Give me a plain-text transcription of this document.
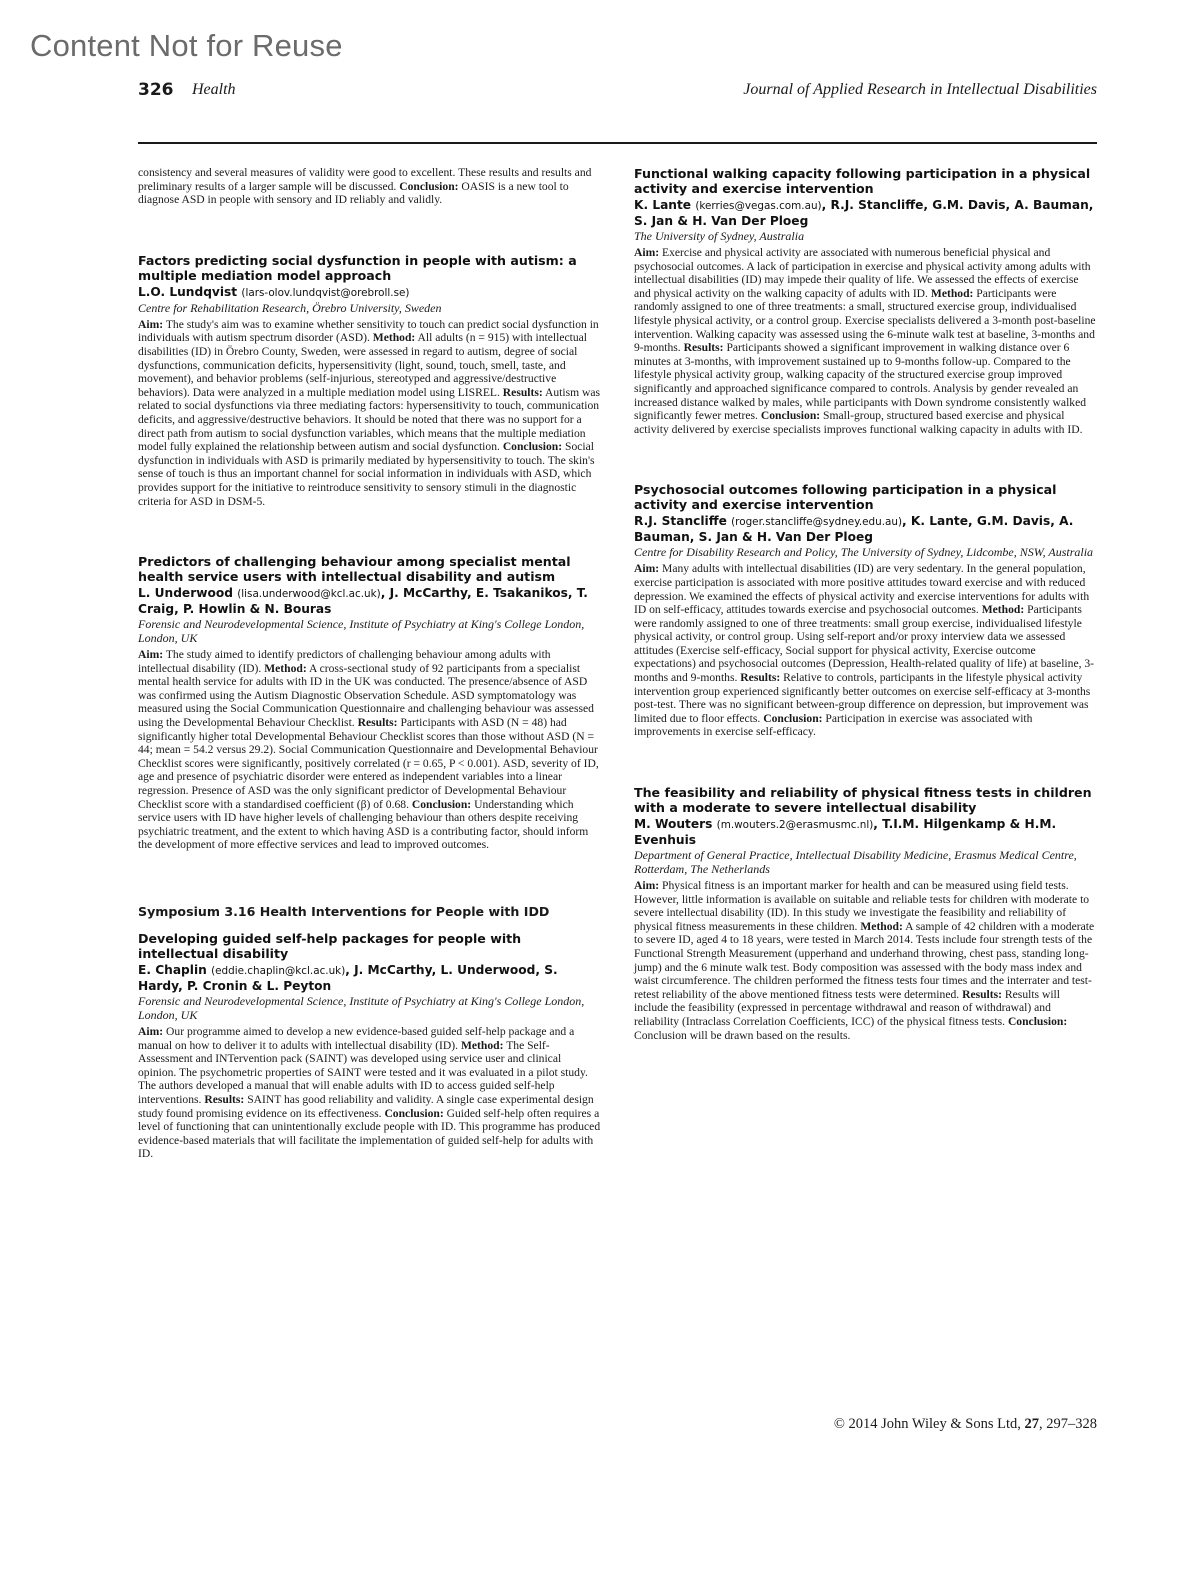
Content Not for Reuse
326 Health	Journal of Applied Research in Intellectual Disabilities

consistency and several measures of validity were good to excellent. These results and results and preliminary results of a larger sample will be discussed. Conclusion: OASIS is a new tool to diagnose ASD in people with sensory and ID reliably and validly.

Factors predicting social dysfunction in people with autism: a multiple mediation model approach

L.O. Lundqvist (lars-olov.lundqvist@orebroll.se)

Centre for Rehabilitation Research, Örebro University, Sweden

Aim: The study's aim was to examine whether sensitivity to touch can predict social dysfunction in individuals with autism spectrum disorder (ASD). Method: All adults (n = 915) with intellectual disabilities (ID) in Örebro County, Sweden, were assessed in regard to autism, degree of social dysfunctions, communication deficits, hypersensitivity (light, sound, touch, smell, taste, and movement), and behavior problems (self-injurious, stereotyped and aggressive/destructive behaviors). Data were analyzed in a multiple mediation model using LISREL. Results: Autism was related to social dysfunctions via three mediating factors: hypersensitivity to touch, communication deficits, and aggressive/destructive behaviors. It should be noted that there was no support for a direct path from autism to social dysfunction variables, which means that the multiple mediation model fully explained the relationship between autism and social dysfunction. Conclusion: Social dysfunction in individuals with ASD is primarily mediated by hypersensitivity to touch. The skin's sense of touch is thus an important channel for social information in individuals with ASD, which provides support for the initiative to reintroduce sensitivity to sensory stimuli in the diagnostic criteria for ASD in DSM-5.

Predictors of challenging behaviour among specialist mental health service users with intellectual disability and autism

L. Underwood (lisa.underwood@kcl.ac.uk), J. McCarthy, E. Tsakanikos, T. Craig, P. Howlin & N. Bouras

Forensic and Neurodevelopmental Science, Institute of Psychiatry at King's College London, London, UK

Aim: The study aimed to identify predictors of challenging behaviour among adults with intellectual disability (ID). Method: A cross-sectional study of 92 participants from a specialist mental health service for adults with ID in the UK was conducted. The presence/absence of ASD was confirmed using the Autism Diagnostic Observation Schedule. ASD symptomatology was measured using the Social Communication Questionnaire and challenging behaviour was assessed using the Developmental Behaviour Checklist. Results: Participants with ASD (N = 48) had significantly higher total Developmental Behaviour Checklist scores than those without ASD (N = 44; mean = 54.2 versus 29.2). Social Communication Questionnaire and Developmental Behaviour Checklist scores were significantly, positively correlated (r = 0.65, P < 0.001). ASD, severity of ID, age and presence of psychiatric disorder were entered as independent variables into a linear regression. Presence of ASD was the only significant predictor of Developmental Behaviour Checklist score with a standardised coefficient (β) of 0.68. Conclusion: Understanding which service users with ID have higher levels of challenging behaviour than others despite receiving psychiatric treatment, and the extent to which having ASD is a contributing factor, should inform the development of more effective services and lead to improved outcomes.

Symposium 3.16 Health Interventions for People with IDD
Developing guided self-help packages for people with intellectual disability

E. Chaplin (eddie.chaplin@kcl.ac.uk), J. McCarthy, L. Underwood, S. Hardy, P. Cronin & L. Peyton

Forensic and Neurodevelopmental Science, Institute of Psychiatry at King's College London, London, UK

Aim: Our programme aimed to develop a new evidence-based guided self-help package and a manual on how to deliver it to adults with intellectual disability (ID). Method: The Self-Assessment and INTervention pack (SAINT) was developed using service user and clinical opinion. The psychometric properties of SAINT were tested and it was evaluated in a pilot study. The authors developed a manual that will enable adults with ID to access guided self-help interventions. Results: SAINT has good reliability and validity. A single case experimental design study found promising evidence on its effectiveness. Conclusion: Guided self-help often requires a level of functioning that can unintentionally exclude people with ID. This programme has produced evidence-based materials that will facilitate the implementation of guided self-help for adults with ID.

Functional walking capacity following participation in a physical activity and exercise intervention

K. Lante (kerries@vegas.com.au), R.J. Stancliffe, G.M. Davis, A. Bauman, S. Jan & H. Van Der Ploeg

The University of Sydney, Australia

Aim: Exercise and physical activity are associated with numerous beneficial physical and psychosocial outcomes. A lack of participation in exercise and physical activity among adults with intellectual disabilities (ID) may impede their quality of life. We assessed the effects of exercise and physical activity on the walking capacity of adults with ID. Method: Participants were randomly assigned to one of three treatments: a small, structured exercise group, individualised lifestyle physical activity, or a control group. Exercise specialists delivered a 3-month post-baseline intervention. Walking capacity was assessed using the 6-minute walk test at baseline, 3-months and 9-months. Results: Participants showed a significant improvement in walking distance over 6 minutes at 3-months, with improvement sustained up to 9-months follow-up. Compared to the lifestyle physical activity group, walking capacity of the structured exercise group improved significantly and approached significance compared to controls. Analysis by gender revealed an increased distance walked by males, while participants with Down syndrome consistently walked significantly fewer metres. Conclusion: Small-group, structured based exercise and physical activity delivered by exercise specialists improves functional walking capacity in adults with ID.

Psychosocial outcomes following participation in a physical activity and exercise intervention

R.J. Stancliffe (roger.stancliffe@sydney.edu.au), K. Lante, G.M. Davis, A. Bauman, S. Jan & H. Van Der Ploeg

Centre for Disability Research and Policy, The University of Sydney, Lidcombe, NSW, Australia

Aim: Many adults with intellectual disabilities (ID) are very sedentary. In the general population, exercise participation is associated with more positive attitudes toward exercise and with reduced depression. We examined the effects of physical activity and exercise interventions for adults with ID on self-efficacy, attitudes towards exercise and psychosocial outcomes. Method: Participants were randomly assigned to one of three treatments: small group exercise, individualised lifestyle physical activity, or control group. Using self-report and/or proxy interview data we assessed attitudes (Exercise self-efficacy, Social support for physical activity, Exercise outcome expectations) and psychosocial outcomes (Depression, Health-related quality of life) at baseline, 3-months and 9-months. Results: Relative to controls, participants in the lifestyle physical activity intervention group experienced significantly better outcomes on exercise self-efficacy at 3-months post-test. There was no significant between-group difference on depression, but improvement was limited due to floor effects. Conclusion: Participation in exercise was associated with improvements in exercise self-efficacy.

The feasibility and reliability of physical fitness tests in children with a moderate to severe intellectual disability

M. Wouters (m.wouters.2@erasmusmc.nl), T.I.M. Hilgenkamp & H.M. Evenhuis

Department of General Practice, Intellectual Disability Medicine, Erasmus Medical Centre, Rotterdam, The Netherlands

Aim: Physical fitness is an important marker for health and can be measured using field tests. However, little information is available on suitable and reliable tests for children with moderate to severe intellectual disability (ID). In this study we investigate the feasibility and reliability of physical fitness measurements in these children. Method: A sample of 42 children with a moderate to severe ID, aged 4 to 18 years, were tested in March 2014. Tests include four strength tests of the Functional Strength Measurement (upperhand and underhand throwing, chest pass, standing long-jump) and the 6 minute walk test. Body composition was assessed with the body mass index and waist circumference. The children performed the fitness tests four times and the interrater and test-retest reliability of the above mentioned fitness tests were determined. Results: Results will include the feasibility (expressed in percentage withdrawal and reason of withdrawal) and reliability (Intraclass Correlation Coefficients, ICC) of the physical fitness tests. Conclusion: Conclusion will be drawn based on the results.

© 2014 John Wiley & Sons Ltd, 27, 297–328
